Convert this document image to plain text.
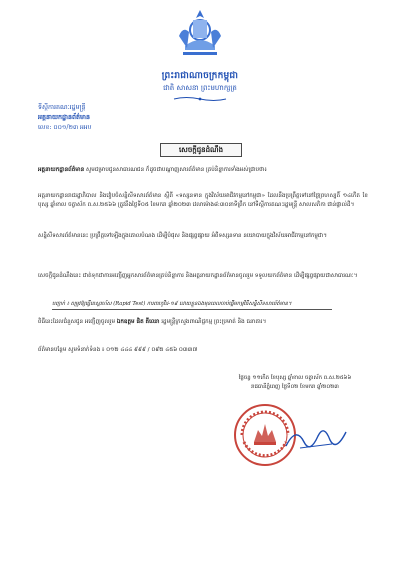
ព្រះរាជាណាចក្រកម្ពុជា
ជាតិ សាសនា ព្រះមហាក្សត្រ
ទីស្តីការគណៈរដ្ឋមន្ត្រី
អគ្គនាយកដ្ឋានព័ត៌មាន
លេខ: ០០១/២៣ អអប
សេចក្តីជូនដំណឹង
អគ្គនាយកដ្ឋានព័ត៌មាន សូមជម្រាបជូនសាធារណជន ក៏ដូចជាបណ្តាញសារព័ត៌មាន គ្រប់និន្នាការទាំងអស់ជ្រាបថា៖
អគ្គនាយកដ្ឋានរាជរដ្ឋាភិបាល និងវៀបចំសន្និសីទសារព័ត៌មាន ស្តីពី «ទស្សនទាន ក្នុងវិស័យអាជីវកម្មនៅកម្ពុជា» ដែលនឹងប្រព្រឹត្តទៅនៅថ្ងៃព្រហស្បតិ៍ ១៤កើត ខែបុស្ស ឆ្នាំខាល ចត្វាស័ក ព.ស.២៥៦៦ ត្រូវនឹងថ្ងៃទី០៥ ខែមករា ឆ្នាំ២០២៣ វេលាម៉ោង៨:៣០នាទីព្រឹក នៅទីស្តីការគណៈរដ្ឋមន្ត្រី សាលសភិកា ជាន់ផ្ទាល់ដី។
សន្និសីទសារព័ត៌មាននេះ ប្រព្រឹត្តទៅឡើងក្នុងគោលបំណង ដើម្បីបំផុស និងផ្សព្វផ្សាយ អំពីទស្សនទាន នយោបាយក្នុងវិស័យអាជីវកម្មនៅកម្ពុជា។
សេចក្តីជូនដំណឹងនេះ ជាត់ទុកជាការអញ្ជើញអ្នកសារព័ត៌មានគ្រប់និន្នាការ និងអគ្គនាយកដ្ឋានព័ត៌មានចូលរួម ទទួលយកព័ត៌មាន ដើម្បីផ្សព្វផ្សាយជាសាធារណៈ។
បញ្ជាក់ ៖ តម្រូវឱ្យធ្វើតេស្តរហ័ស (Rapid Test) ការពារកូវីដ-១៩ ដោយខ្លួនឯងមុនពេលចាប់ផ្តើមកម្មវិធីសន្និសីទសារព័ត៌មាន។
ពិធីនេះដែលជំនួសជូន អញ្ជើញចូលរួម ឯកឧត្តម ផិត គីឈោ រដ្ឋមន្ត្រីក្រសួងពាណិជ្ជកម្ម ព្រះប្រមាត់ និង ធនាគារ។
ព័ត៌មានបន្ថែម សូមទំនាក់ទំនង ៖ ០១២ ៤៤៤ ៩៩៩ / ០៩២ ៤៥៦ ០៣៣៧
ថ្ងៃចន្ទ ១១កើត ខែបុស្ស ឆ្នាំខាល ចត្វាស័ក ព.ស.២៥៦៦
រាជធានីភ្នំពេញ ថ្ងៃទី០២ ខែមករា ឆ្នាំ២០២៣
